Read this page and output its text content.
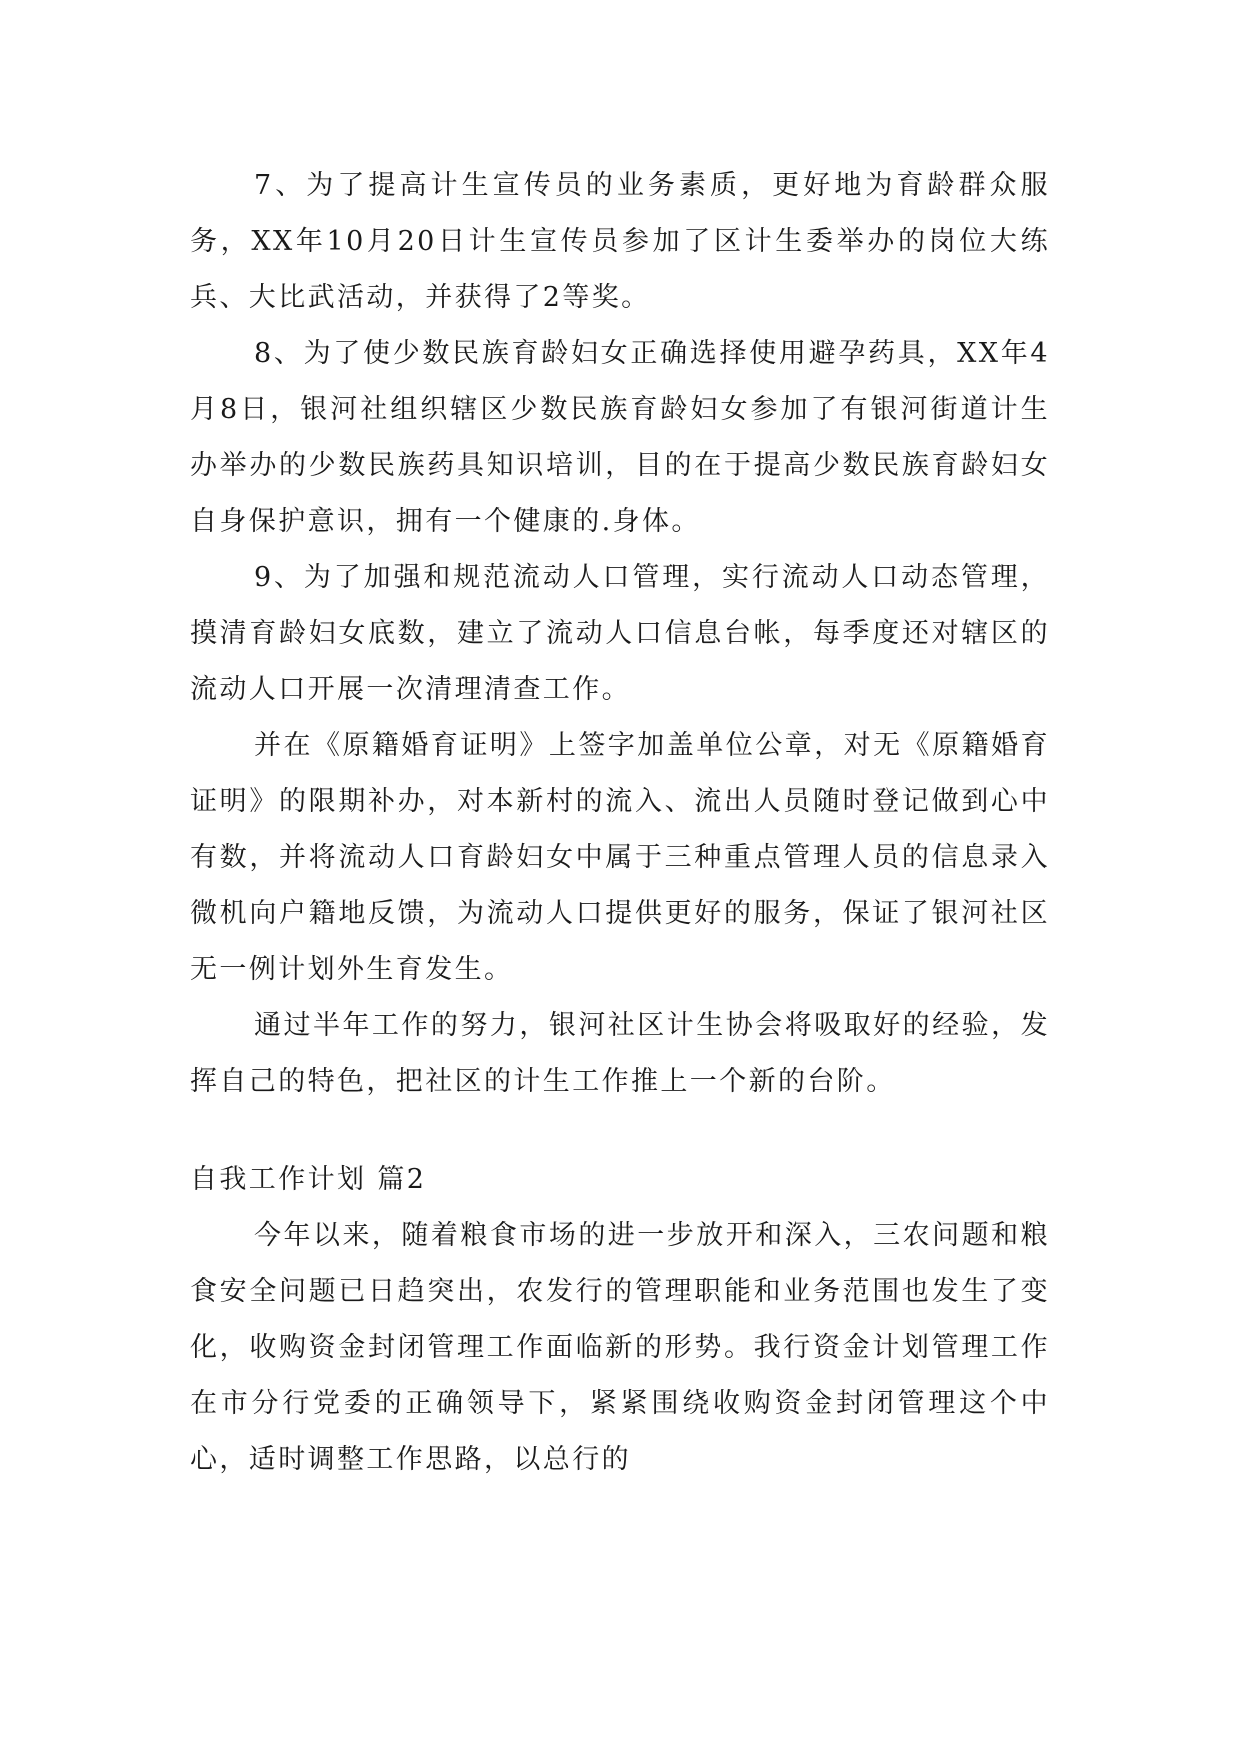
7、为了提高计生宣传员的业务素质，更好地为育龄群众服务，XX年10月20日计生宣传员参加了区计生委举办的岗位大练兵、大比武活动，并获得了2等奖。

8、为了使少数民族育龄妇女正确选择使用避孕药具，XX年4月8日，银河社组织辖区少数民族育龄妇女参加了有银河街道计生办举办的少数民族药具知识培训，目的在于提高少数民族育龄妇女自身保护意识，拥有一个健康的.身体。

9、为了加强和规范流动人口管理，实行流动人口动态管理，摸清育龄妇女底数，建立了流动人口信息台帐，每季度还对辖区的流动人口开展一次清理清查工作。

并在《原籍婚育证明》上签字加盖单位公章，对无《原籍婚育证明》的限期补办，对本新村的流入、流出人员随时登记做到心中有数，并将流动人口育龄妇女中属于三种重点管理人员的信息录入微机向户籍地反馈，为流动人口提供更好的服务，保证了银河社区无一例计划外生育发生。

通过半年工作的努力，银河社区计生协会将吸取好的经验，发挥自己的特色，把社区的计生工作推上一个新的台阶。

自我工作计划 篇2

今年以来，随着粮食市场的进一步放开和深入，三农问题和粮食安全问题已日趋突出，农发行的管理职能和业务范围也发生了变化，收购资金封闭管理工作面临新的形势。我行资金计划管理工作在市分行党委的正确领导下，紧紧围绕收购资金封闭管理这个中心，适时调整工作思路，以总行的
